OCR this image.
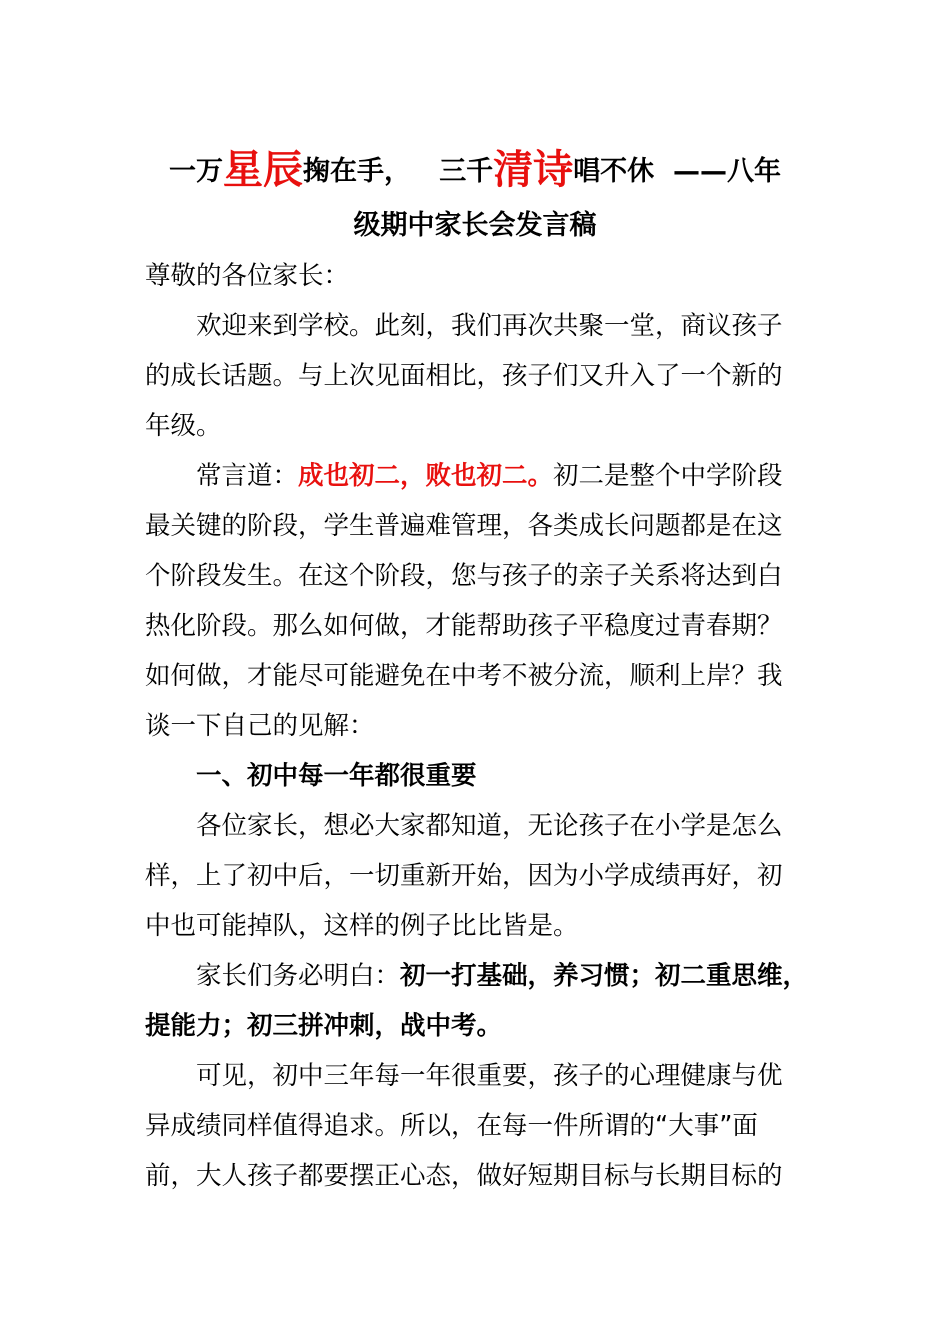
一万星辰掬在手， 三千清诗唱不休 ——八年
级期中家长会发言稿
尊敬的各位家长：
欢迎来到学校。此刻，我们再次共聚一堂，商议孩子
的成长话题。与上次见面相比，孩子们又升入了一个新的
年级。
常言道：成也初二，败也初二。初二是整个中学阶段
最关键的阶段，学生普遍难管理，各类成长问题都是在这
个阶段发生。在这个阶段，您与孩子的亲子关系将达到白
热化阶段。那么如何做，才能帮助孩子平稳度过青春期？
如何做，才能尽可能避免在中考不被分流，顺利上岸？我
谈一下自己的见解：
一、初中每一年都很重要
各位家长，想必大家都知道，无论孩子在小学是怎么
样，上了初中后，一切重新开始，因为小学成绩再好，初
中也可能掉队，这样的例子比比皆是。
家长们务必明白：初一打基础，养习惯；初二重思维，
提能力；初三拼冲刺，战中考。
可见，初中三年每一年很重要，孩子的心理健康与优
异成绩同样值得追求。所以，在每一件所谓的“大事”面
前，大人孩子都要摆正心态，做好短期目标与长期目标的
